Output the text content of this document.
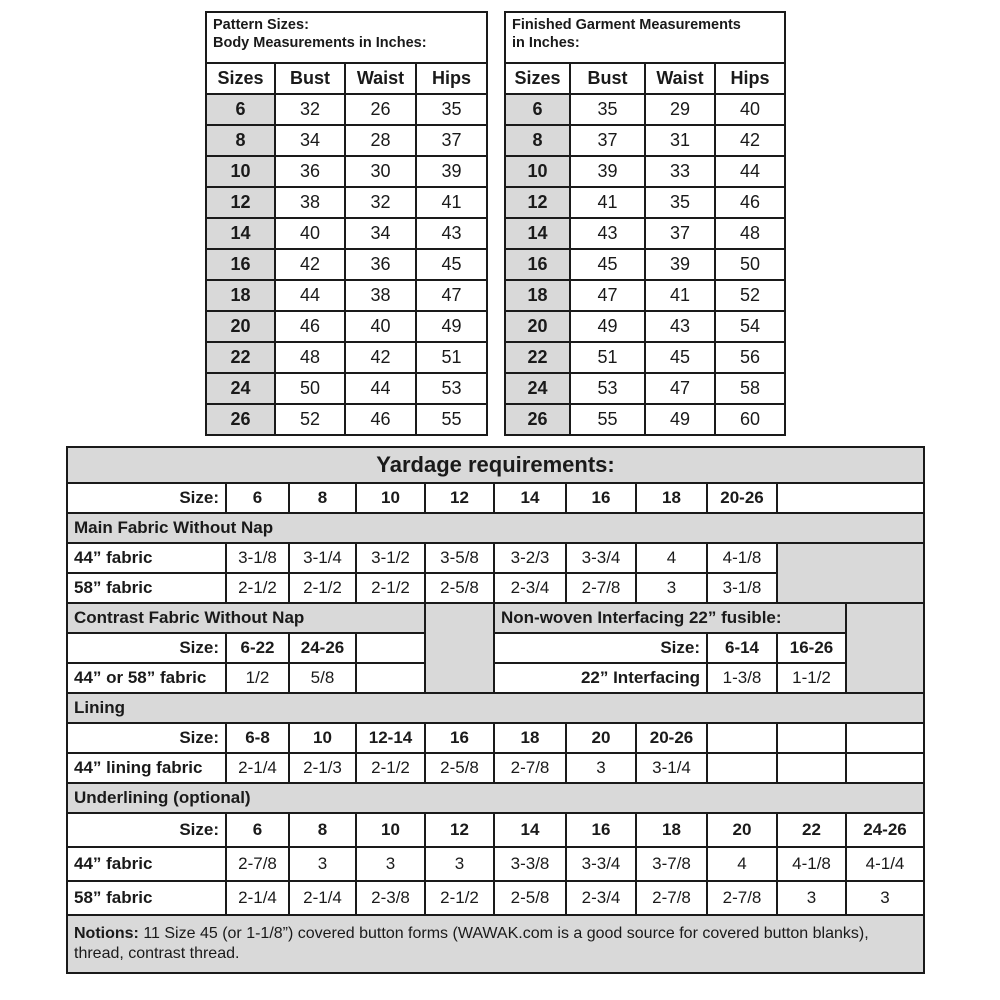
Pattern Sizes:
Body Measurements in Inches:					Finished Garment Measurements
in Inches:			
Sizes	Bust	Waist	Hips		Sizes	Bust	Waist	Hips
6	32	26	35		6	35	29	40
8	34	28	37		8	37	31	42
10	36	30	39		10	39	33	44
12	38	32	41		12	41	35	46
14	40	34	43		14	43	37	48
16	42	36	45		16	45	39	50
18	44	38	47		18	47	41	52
20	46	40	49		20	49	43	54
22	48	42	51		22	51	45	56
24	50	44	53		24	53	47	58
26	52	46	55		26	55	49	60
Yardage requirements:										
Size:	6	8	10	12	14	16	18	20-26		
Main Fabric Without Nap										
44” fabric	3-1/8	3-1/4	3-1/2	3-5/8	3-2/3	3-3/4	4	4-1/8		
58” fabric	2-1/2	2-1/2	2-1/2	2-5/8	2-3/4	2-7/8	3	3-1/8		
Contrast Fabric Without Nap					Non-woven Interfacing 22” fusible:					
Size:	6-22	24-26			Size:			6-14	16-26	
44” or 58” fabric	1/2	5/8			22” Interfacing			1-3/8	1-1/2	
Lining										
Size:	6-8	10	12-14	16	18	20	20-26			
44” lining fabric	2-1/4	2-1/3	2-1/2	2-5/8	2-7/8	3	3-1/4			
Underlining (optional)										
Size:	6	8	10	12	14	16	18	20	22	24-26
44” fabric	2-7/8	3	3	3	3-3/8	3-3/4	3-7/8	4	4-1/8	4-1/4
58” fabric	2-1/4	2-1/4	2-3/8	2-1/2	2-5/8	2-3/4	2-7/8	2-7/8	3	3
Notions: 11 Size 45 (or 1-1/8”) covered button forms (WAWAK.com is a good source for covered button blanks), thread, contrast thread.										
